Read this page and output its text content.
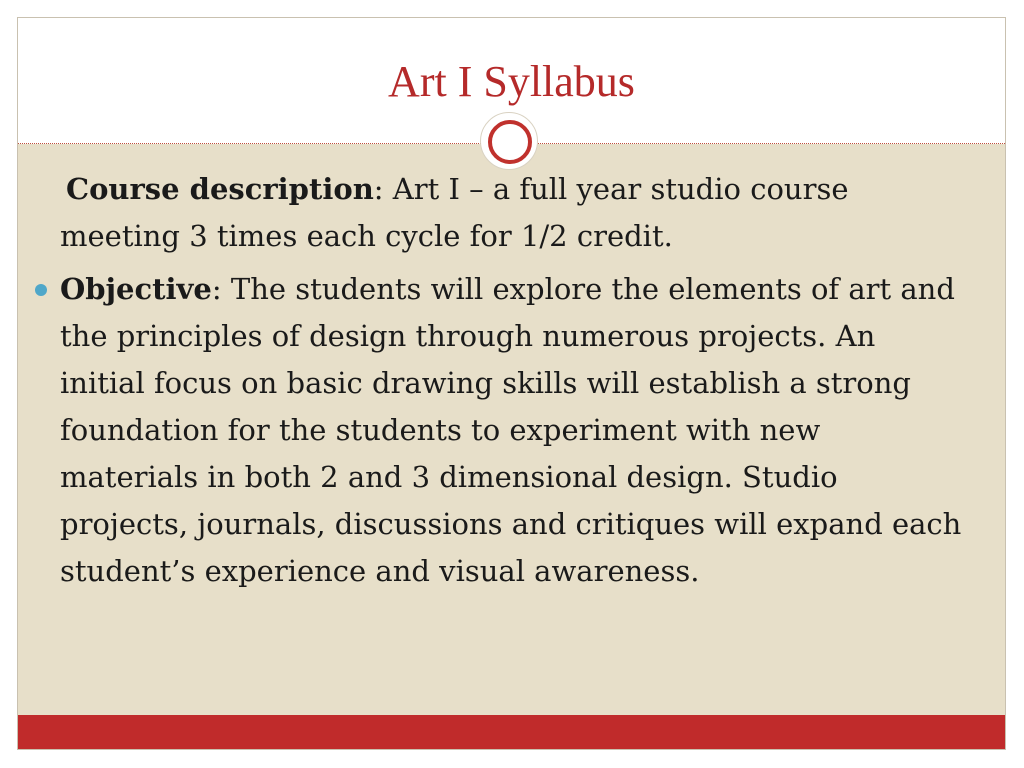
Art I Syllabus

Course description: Art I – a full year studio course meeting 3 times each cycle for 1/2 credit.

Objective: The students will explore the elements of art and the principles of design through numerous projects. An initial focus on basic drawing skills will establish a strong foundation for the students to experiment with new materials in both 2 and 3 dimensional design. Studio projects, journals, discussions and critiques will expand each student’s experience and visual awareness.
